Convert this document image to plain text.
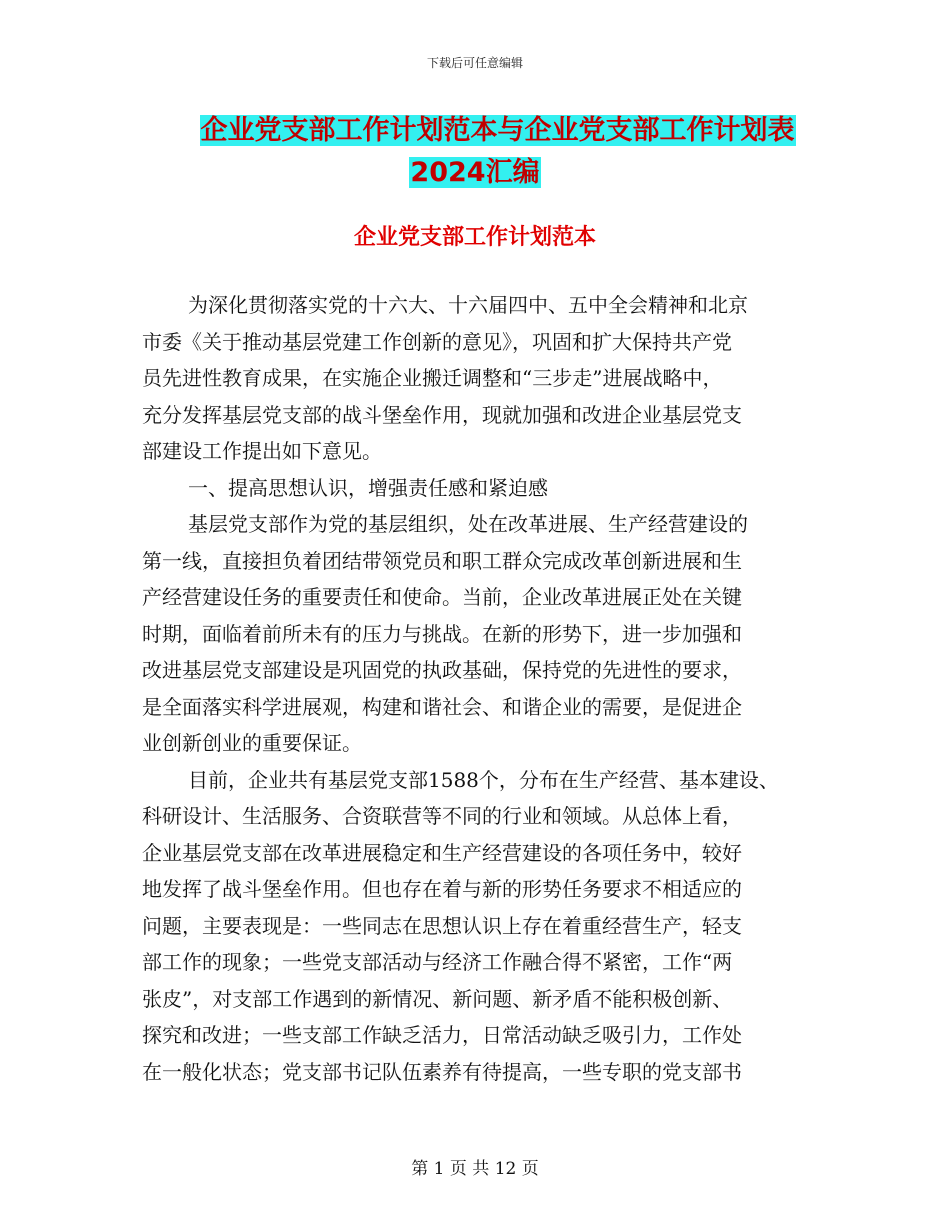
下载后可任意编辑
企业党支部工作计划范本与企业党支部工作计划表
2024汇编
企业党支部工作计划范本
为深化贯彻落实党的十六大、十六届四中、五中全会精神和北京
市委《关于推动基层党建工作创新的意见》，巩固和扩大保持共产党
员先进性教育成果，在实施企业搬迁调整和“三步走”进展战略中，
充分发挥基层党支部的战斗堡垒作用，现就加强和改进企业基层党支
部建设工作提出如下意见。
一、提高思想认识，增强责任感和紧迫感
基层党支部作为党的基层组织，处在改革进展、生产经营建设的
第一线，直接担负着团结带领党员和职工群众完成改革创新进展和生
产经营建设任务的重要责任和使命。当前，企业改革进展正处在关键
时期，面临着前所未有的压力与挑战。在新的形势下，进一步加强和
改进基层党支部建设是巩固党的执政基础，保持党的先进性的要求，
是全面落实科学进展观，构建和谐社会、和谐企业的需要，是促进企
业创新创业的重要保证。
目前，企业共有基层党支部1588个，分布在生产经营、基本建设、
科研设计、生活服务、合资联营等不同的行业和领域。从总体上看，
企业基层党支部在改革进展稳定和生产经营建设的各项任务中，较好
地发挥了战斗堡垒作用。但也存在着与新的形势任务要求不相适应的
问题，主要表现是：一些同志在思想认识上存在着重经营生产，轻支
部工作的现象；一些党支部活动与经济工作融合得不紧密，工作“两
张皮”，对支部工作遇到的新情况、新问题、新矛盾不能积极创新、
探究和改进；一些支部工作缺乏活力，日常活动缺乏吸引力，工作处
在一般化状态；党支部书记队伍素养有待提高，一些专职的党支部书
第 1 页 共 12 页
